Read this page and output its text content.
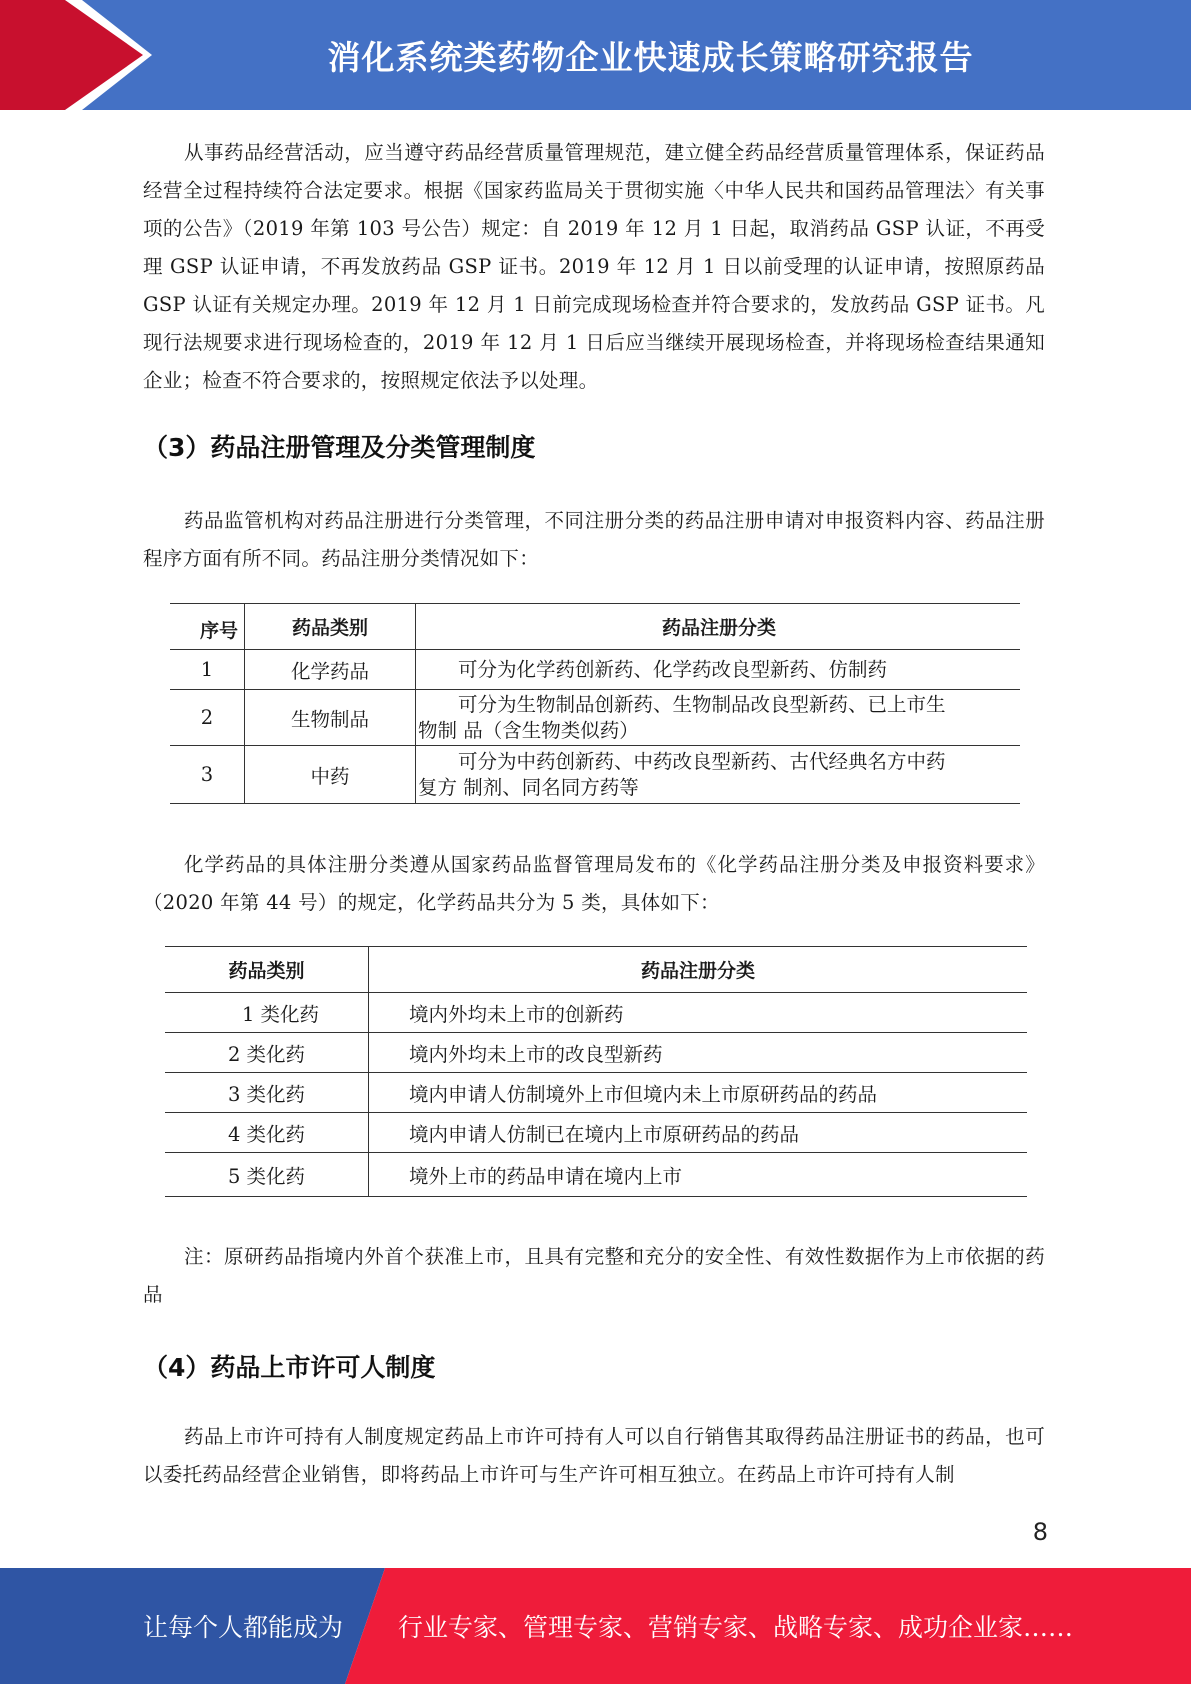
消化系统类药物企业快速成长策略研究报告

从事药品经营活动，应当遵守药品经营质量管理规范，建立健全药品经营质量管理体系，保证药品经营全过程持续符合法定要求。根据《国家药监局关于贯彻实施〈中华人民共和国药品管理法〉有关事项的公告》（2019 年第 103 号公告）规定：自 2019 年 12 月 1 日起，取消药品 GSP 认证，不再受理 GSP 认证申请，不再发放药品 GSP 证书。2019 年 12 月 1 日以前受理的认证申请，按照原药品 GSP 认证有关规定办理。2019 年 12 月 1 日前完成现场检查并符合要求的，发放药品 GSP 证书。凡现行法规要求进行现场检查的，2019 年 12 月 1 日后应当继续开展现场检查，并将现场检查结果通知企业；检查不符合要求的，按照规定依法予以处理。

（3）药品注册管理及分类管理制度

药品监管机构对药品注册进行分类管理，不同注册分类的药品注册申请对申报资料内容、药品注册程序方面有所不同。药品注册分类情况如下：

序号	药品类别	药品注册分类
1	化学药品	可分为化学药创新药、化学药改良型新药、仿制药

2	生物制品	可分为生物制品创新药、生物制品改良型新药、已上市生
物制 品（含生物类似药）

3	中药	可分为中药创新药、中药改良型新药、古代经典名方中药
复方 制剂、同名同方药等

化学药品的具体注册分类遵从国家药品监督管理局发布的《化学药品注册分类及申报资料要求》（2020 年第 44 号）的规定，化学药品共分为 5 类，具体如下：

药品类别	药品注册分类
1 类化药	境内外均未上市的创新药
2 类化药	境内外均未上市的改良型新药
3 类化药	境内申请人仿制境外上市但境内未上市原研药品的药品
4 类化药	境内申请人仿制已在境内上市原研药品的药品
5 类化药	境外上市的药品申请在境内上市

注：原研药品指境内外首个获准上市，且具有完整和充分的安全性、有效性数据作为上市依据的药品

（4）药品上市许可人制度

药品上市许可持有人制度规定药品上市许可持有人可以自行销售其取得药品注册证书的药品，也可以委托药品经营企业销售，即将药品上市许可与生产许可相互独立。在药品上市许可持有人制

8
让每个人都能成为 行业专家、管理专家、营销专家、战略专家、成功企业家……
